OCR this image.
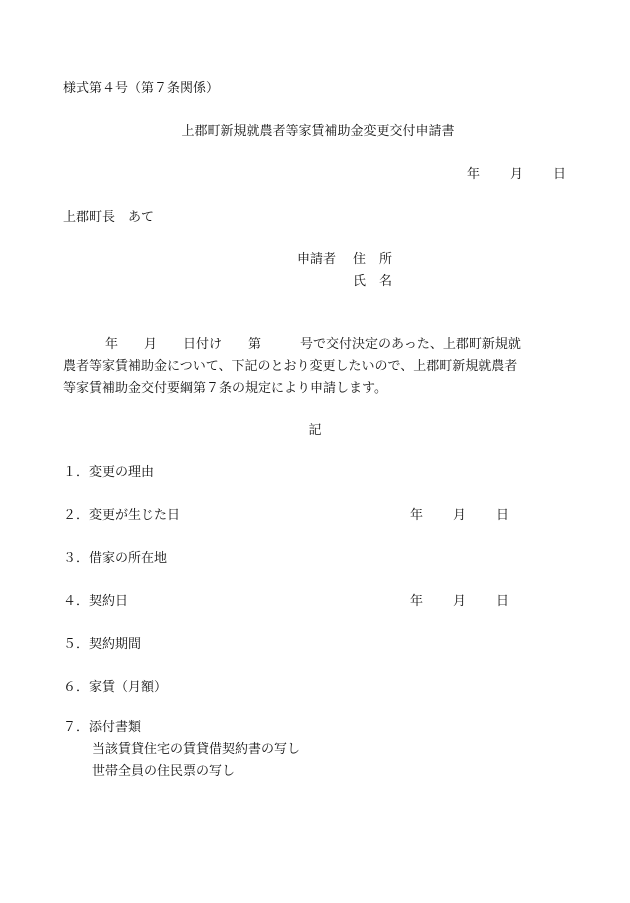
様式第４号（第７条関係）
上郡町新規就農者等家賃補助金変更交付申請書
年 月 日
上郡町長　あて
申請者 住　所
氏　名
年　　月　　日付け　　第　　　号で交付決定のあった、上郡町新規就
農者等家賃補助金について、下記のとおり変更したいので、上郡町新規就農者
等家賃補助金交付要綱第７条の規定により申請します。
記
１．変更の理由
２．変更が生じた日	年 月 日
３．借家の所在地
４．契約日	年 月 日
５．契約期間
６．家賃（月額）
７．添付書類
当該賃貸住宅の賃貸借契約書の写し
世帯全員の住民票の写し
